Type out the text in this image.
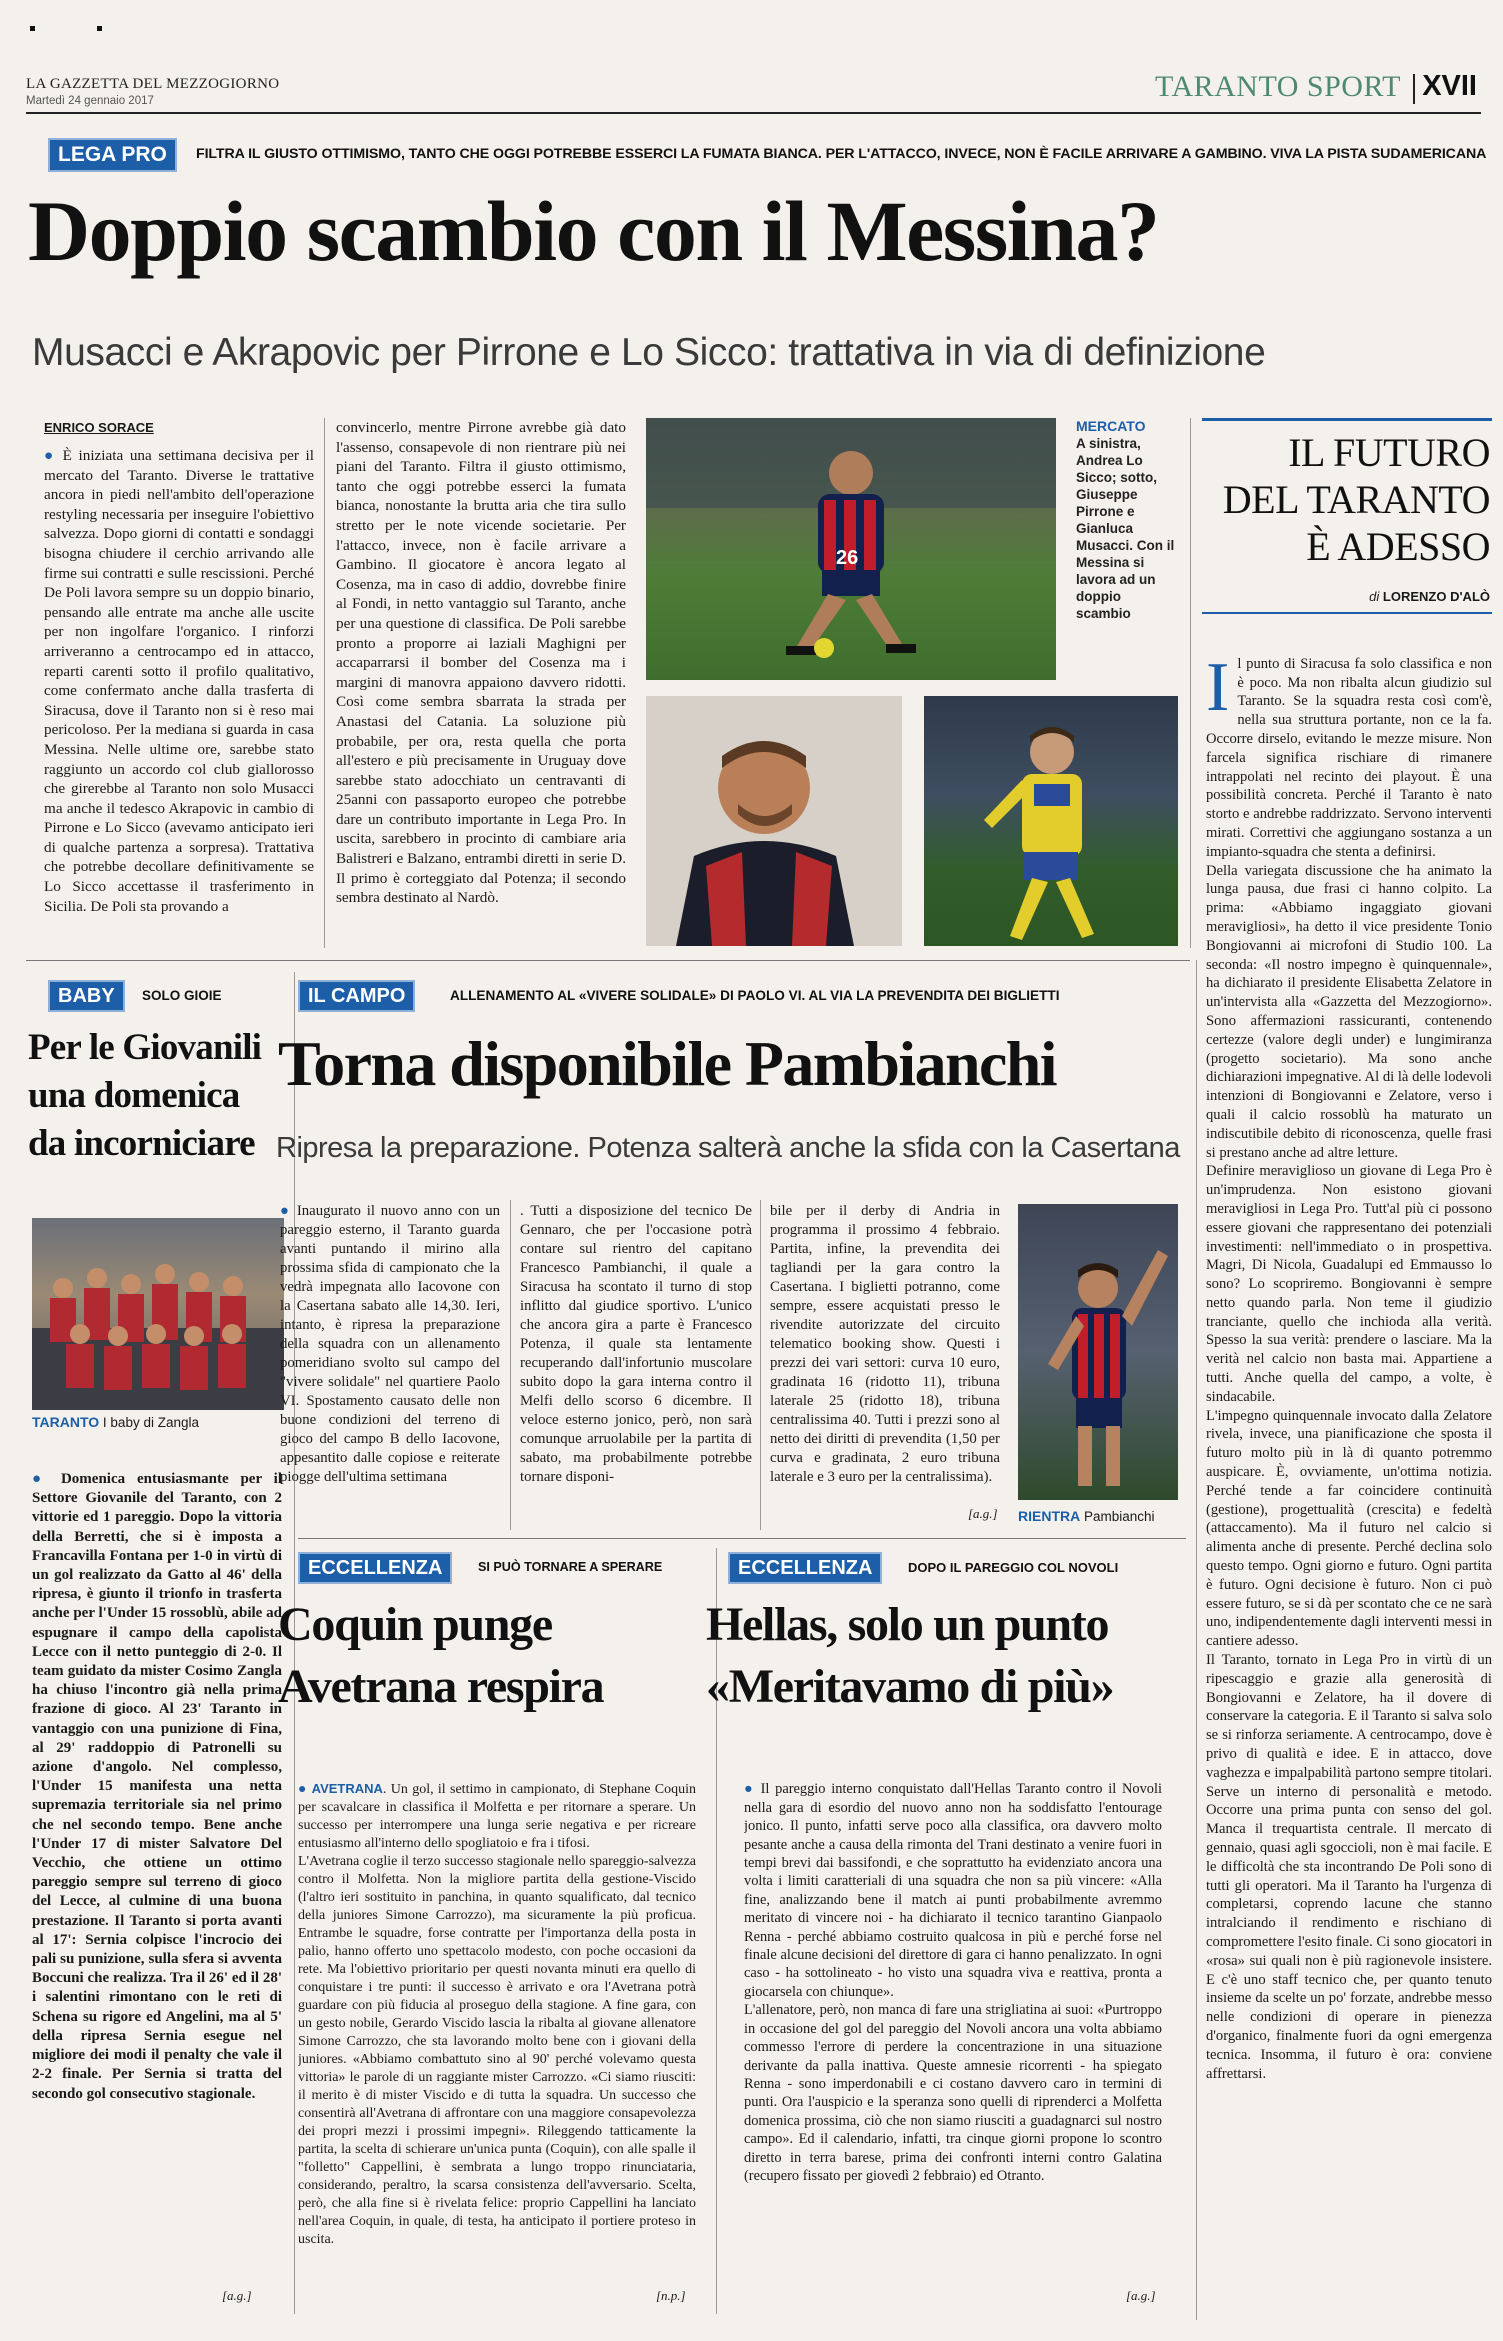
LA GAZZETTA DEL MEZZOGIORNO
Martedì 24 gennaio 2017	TARANTO SPORT XVII
LEGA PRO	FILTRA IL GIUSTO OTTIMISMO, TANTO CHE OGGI POTREBBE ESSERCI LA FUMATA BIANCA. PER L'ATTACCO, INVECE, NON È FACILE ARRIVARE A GAMBINO. VIVA LA PISTA SUDAMERICANA
Doppio scambio con il Messina?
Musacci e Akrapovic per Pirrone e Lo Sicco: trattativa in via di definizione
ENRICO SORACE
● È iniziata una settimana decisiva per il mercato del Taranto. Diverse le trattative ancora in piedi nell'ambito dell'operazione restyling necessaria per inseguire l'obiettivo salvezza. Dopo giorni di contatti e sondaggi bisogna chiudere il cerchio arrivando alle firme sui contratti e sulle rescissioni. Perché De Poli lavora sempre su un doppio binario, pensando alle entrate ma anche alle uscite per non ingolfare l'organico. I rinforzi arriveranno a centrocampo ed in attacco, reparti carenti sotto il profilo qualitativo, come confermato anche dalla trasferta di Siracusa, dove il Taranto non si è reso mai pericoloso. Per la mediana si guarda in casa Messina. Nelle ultime ore, sarebbe stato raggiunto un accordo col club giallorosso che girerebbe al Taranto non solo Musacci ma anche il tedesco Akrapovic in cambio di Pirrone e Lo Sicco (avevamo anticipato ieri di qualche partenza a sorpresa). Trattativa che potrebbe decollare definitivamente se Lo Sicco accettasse il trasferimento in Sicilia. De Poli sta provando a
convincerlo, mentre Pirrone avrebbe già dato l'assenso, consapevole di non rientrare più nei piani del Taranto. Filtra il giusto ottimismo, tanto che oggi potrebbe esserci la fumata bianca, nonostante la brutta aria che tira sullo stretto per le note vicende societarie. Per l'attacco, invece, non è facile arrivare a Gambino. Il giocatore è ancora legato al Cosenza, ma in caso di addio, dovrebbe finire al Fondi, in netto vantaggio sul Taranto, anche per una questione di classifica. De Poli sarebbe pronto a proporre ai laziali Maghigni per accaparrarsi il bomber del Cosenza ma i margini di manovra appaiono davvero ridotti. Così come sembra sbarrata la strada per Anastasi del Catania. La soluzione più probabile, per ora, resta quella che porta all'estero e più precisamente in Uruguay dove sarebbe stato adocchiato un centravanti di 25anni con passaporto europeo che potrebbe dare un contributo importante in Lega Pro. In uscita, sarebbero in procinto di cambiare aria Balistreri e Balzano, entrambi diretti in serie D. Il primo è corteggiato dal Potenza; il secondo sembra destinato al Nardò.
26
MERCATO
A sinistra, Andrea Lo Sicco; sotto, Giuseppe Pirrone e Gianluca Musacci. Con il Messina si lavora ad un doppio scambio
IL FUTURO
DEL TARANTO
È ADESSO
di LORENZO D'ALÒ

Il punto di Siracusa fa solo classifica e non è poco. Ma non ribalta alcun giudizio sul Taranto. Se la squadra resta così com'è, nella sua struttura portante, non ce la fa. Occorre dirselo, evitando le mezze misure. Non farcela significa rischiare di rimanere intrappolati nel recinto dei playout. È una possibilità concreta. Perché il Taranto è nato storto e andrebbe raddrizzato. Servono interventi mirati. Correttivi che aggiungano sostanza a un impianto-squadra che stenta a definirsi.
Della variegata discussione che ha animato la lunga pausa, due frasi ci hanno colpito. La prima: «Abbiamo ingaggiato giovani meravigliosi», ha detto il vice presidente Tonio Bongiovanni ai microfoni di Studio 100. La seconda: «Il nostro impegno è quinquennale», ha dichiarato il presidente Elisabetta Zelatore in un'intervista alla «Gazzetta del Mezzogiorno». Sono affermazioni rassicuranti, contenendo certezze (valore degli under) e lungimiranza (progetto societario). Ma sono anche dichiarazioni impegnative. Al di là delle lodevoli intenzioni di Bongiovanni e Zelatore, verso i quali il calcio rossoblù ha maturato un indiscutibile debito di riconoscenza, quelle frasi si prestano anche ad altre letture.
Definire meraviglioso un giovane di Lega Pro è un'imprudenza. Non esistono giovani meravigliosi in Lega Pro. Tutt'al più ci possono essere giovani che rappresentano dei potenziali investimenti: nell'immediato o in prospettiva. Magri, Di Nicola, Guadalupi ed Emmausso lo sono? Lo scopriremo. Bongiovanni è sempre netto quando parla. Non teme il giudizio tranciante, quello che inchioda alla verità. Spesso la sua verità: prendere o lasciare. Ma la verità nel calcio non basta mai. Appartiene a tutti. Anche quella del campo, a volte, è sindacabile.
L'impegno quinquennale invocato dalla Zelatore rivela, invece, una pianificazione che sposta il futuro molto più in là di quanto potremmo auspicare. È, ovviamente, un'ottima notizia. Perché tende a far coincidere continuità (gestione), progettualità (crescita) e fedeltà (attaccamento). Ma il futuro nel calcio si alimenta anche di presente. Perché declina solo questo tempo. Ogni giorno e futuro. Ogni partita è futuro. Ogni decisione è futuro. Non ci può essere futuro, se si dà per scontato che ce ne sarà uno, indipendentemente dagli interventi messi in cantiere adesso.
Il Taranto, tornato in Lega Pro in virtù di un ripescaggio e grazie alla generosità di Bongiovanni e Zelatore, ha il dovere di conservare la categoria. E il Taranto si salva solo se si rinforza seriamente. A centrocampo, dove è privo di qualità e idee. E in attacco, dove vaghezza e impalpabilità partono sempre titolari. Serve un interno di personalità e metodo. Occorre una prima punta con senso del gol. Manca il trequartista centrale. Il mercato di gennaio, quasi agli sgoccioli, non è mai facile. E le difficoltà che sta incontrando De Poli sono di tutti gli operatori. Ma il Taranto ha l'urgenza di completarsi, coprendo lacune che stanno intralciando il rendimento e rischiano di compromettere l'esito finale. Ci sono giocatori in «rosa» sui quali non è più ragionevole insistere. E c'è uno staff tecnico che, per quanto tenuto insieme da scelte un po' forzate, andrebbe messo nelle condizioni di operare in pienezza d'organico, finalmente fuori da ogni emergenza tecnica. Insomma, il futuro è ora: conviene affrettarsi.

BABY	SOLO GIOIE
Per le Giovanili
una domenica
da incorniciare
TARANTO I baby di Zangla
● Domenica entusiasmante per il Settore Giovanile del Taranto, con 2 vittorie ed 1 pareggio. Dopo la vittoria della Berretti, che si è imposta a Francavilla Fontana per 1-0 in virtù di un gol realizzato da Gatto al 46' della ripresa, è giunto il trionfo in trasferta anche per l'Under 15 rossoblù, abile ad espugnare il campo della capolista Lecce con il netto punteggio di 2-0. Il team guidato da mister Cosimo Zangla ha chiuso l'incontro già nella prima frazione di gioco. Al 23' Taranto in vantaggio con una punizione di Fina, al 29' raddoppio di Patronelli su azione d'angolo. Nel complesso, l'Under 15 manifesta una netta supremazia territoriale sia nel primo che nel secondo tempo. Bene anche l'Under 17 di mister Salvatore Del Vecchio, che ottiene un ottimo pareggio sempre sul terreno di gioco del Lecce, al culmine di una buona prestazione. Il Taranto si porta avanti al 17': Sernia colpisce l'incrocio dei pali su punizione, sulla sfera si avventa Boccuni che realizza. Tra il 26' ed il 28' i salentini rimontano con le reti di Schena su rigore ed Angelini, ma al 5' della ripresa Sernia esegue nel migliore dei modi il penalty che vale il 2-2 finale. Per Sernia si tratta del secondo gol consecutivo stagionale.
[a.g.]
IL CAMPO	ALLENAMENTO AL «VIVERE SOLIDALE» DI PAOLO VI. AL VIA LA PREVENDITA DEI BIGLIETTI
Torna disponibile Pambianchi
Ripresa la preparazione. Potenza salterà anche la sfida con la Casertana
● Inaugurato il nuovo anno con un pareggio esterno, il Taranto guarda avanti puntando il mirino alla prossima sfida di campionato che la vedrà impegnata allo Iacovone con la Casertana sabato alle 14,30. Ieri, intanto, è ripresa la preparazione della squadra con un allenamento pomeridiano svolto sul campo del "vivere solidale" nel quartiere Paolo VI. Spostamento causato delle non buone condizioni del terreno di gioco del campo B dello Iacovone, appesantito dalle copiose e reiterate piogge dell'ultima settimana
. Tutti a disposizione del tecnico De Gennaro, che per l'occasione potrà contare sul rientro del capitano Francesco Pambianchi, il quale a Siracusa ha scontato il turno di stop inflitto dal giudice sportivo. L'unico che ancora gira a parte è Francesco Potenza, il quale sta lentamente recuperando dall'infortunio muscolare subito dopo la gara interna contro il Melfi dello scorso 6 dicembre. Il veloce esterno jonico, però, non sarà comunque arruolabile per la partita di sabato, ma probabilmente potrebbe tornare disponi-
bile per il derby di Andria in programma il prossimo 4 febbraio. Partita, infine, la prevendita dei tagliandi per la gara contro la Casertana. I biglietti potranno, come sempre, essere acquistati presso le rivendite autorizzate del circuito telematico booking show. Questi i prezzi dei vari settori: curva 10 euro, gradinata 16 (ridotto 11), tribuna laterale 25 (ridotto 18), tribuna centralissima 40. Tutti i prezzi sono al netto dei diritti di prevendita (1,50 per curva e gradinata, 2 euro tribuna laterale e 3 euro per la centralissima).
[a.g.] RIENTRA Pambianchi
ECCELLENZA	SI PUÒ TORNARE A SPERARE
Coquin punge
Avetrana respira

● AVETRANA. Un gol, il settimo in campionato, di Stephane Coquin per scavalcare in classifica il Molfetta e per ritornare a sperare. Un successo per interrompere una lunga serie negativa e per ricreare entusiasmo all'interno dello spogliatoio e fra i tifosi.
L'Avetrana coglie il terzo successo stagionale nello spareggio-salvezza contro il Molfetta. Non la migliore partita della gestione-Viscido (l'altro ieri sostituito in panchina, in quanto squalificato, dal tecnico della juniores Simone Carrozzo), ma sicuramente la più proficua. Entrambe le squadre, forse contratte per l'importanza della posta in palio, hanno offerto uno spettacolo modesto, con poche occasioni da rete. Ma l'obiettivo prioritario per questi novanta minuti era quello di conquistare i tre punti: il successo è arrivato e ora l'Avetrana potrà guardare con più fiducia al proseguo della stagione. A fine gara, con un gesto nobile, Gerardo Viscido lascia la ribalta al giovane allenatore Simone Carrozzo, che sta lavorando molto bene con i giovani della juniores. «Abbiamo combattuto sino al 90' perché volevamo questa vittoria» le parole di un raggiante mister Carrozzo. «Ci siamo riusciti: il merito è di mister Viscido e di tutta la squadra. Un successo che consentirà all'Avetrana di affrontare con una maggiore consapevolezza dei propri mezzi i prossimi impegni». Rileggendo tatticamente la partita, la scelta di schierare un'unica punta (Coquin), con alle spalle il "folletto" Cappellini, è sembrata a lungo troppo rinunciataria, considerando, peraltro, la scarsa consistenza dell'avversario. Scelta, però, che alla fine si è rivelata felice: proprio Cappellini ha lanciato nell'area Coquin, in quale, di testa, ha anticipato il portiere proteso in uscita.

[n.p.]
ECCELLENZA	DOPO IL PAREGGIO COL NOVOLI
Hellas, solo un punto
«Meritavamo di più»

● Il pareggio interno conquistato dall'Hellas Taranto contro il Novoli nella gara di esordio del nuovo anno non ha soddisfatto l'entourage jonico. Il punto, infatti serve poco alla classifica, ora davvero molto pesante anche a causa della rimonta del Trani destinato a venire fuori in tempi brevi dai bassifondi, e che soprattutto ha evidenziato ancora una volta i limiti caratteriali di una squadra che non sa più vincere: «Alla fine, analizzando bene il match ai punti probabilmente avremmo meritato di vincere noi - ha dichiarato il tecnico tarantino Gianpaolo Renna - perché abbiamo costruito qualcosa in più e perché forse nel finale alcune decisioni del direttore di gara ci hanno penalizzato. In ogni caso - ha sottolineato - ho visto una squadra viva e reattiva, pronta a giocarsela con chiunque».
L'allenatore, però, non manca di fare una strigliatina ai suoi: «Purtroppo in occasione del gol del pareggio del Novoli ancora una volta abbiamo commesso l'errore di perdere la concentrazione in una situazione derivante da palla inattiva. Queste amnesie ricorrenti - ha spiegato Renna - sono imperdonabili e ci costano davvero caro in termini di punti. Ora l'auspicio e la speranza sono quelli di riprenderci a Molfetta domenica prossima, ciò che non siamo riusciti a guadagnarci sul nostro campo». Ed il calendario, infatti, tra cinque giorni propone lo scontro diretto in terra barese, prima dei confronti interni contro Galatina (recupero fissato per giovedì 2 febbraio) ed Otranto.

[a.g.]
